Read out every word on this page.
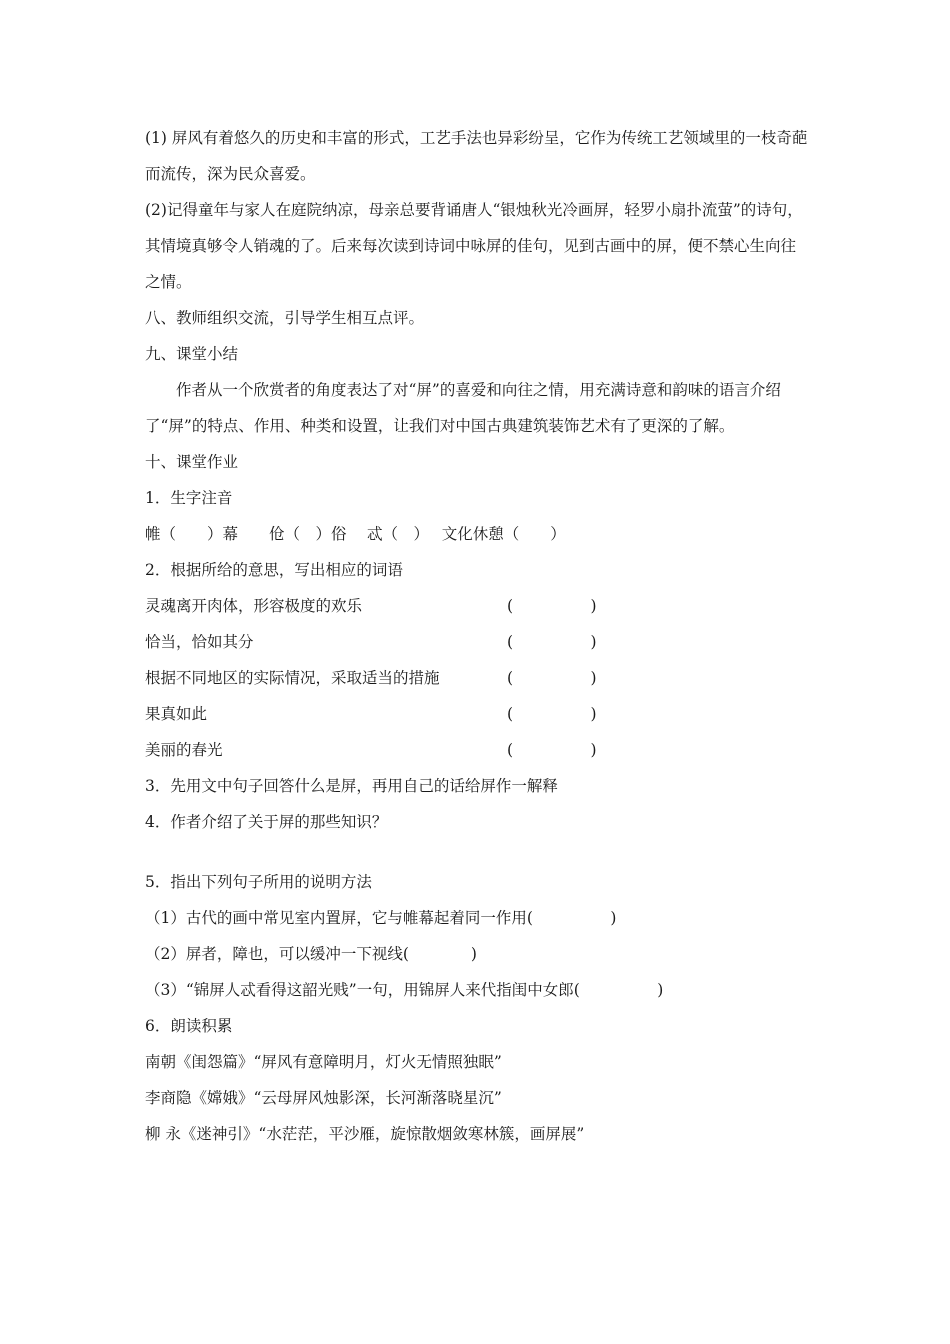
(1) 屏风有着悠久的历史和丰富的形式，工艺手法也异彩纷呈，它作为传统工艺领域里的一枝奇葩而流传，深为民众喜爱。

(2)记得童年与家人在庭院纳凉，母亲总要背诵唐人“银烛秋光冷画屏，轻罗小扇扑流萤”的诗句，其情境真够令人销魂的了。后来每次读到诗词中咏屏的佳句，见到古画中的屏，便不禁心生向往之情。

八、教师组织交流，引导学生相互点评。

九、课堂小结

作者从一个欣赏者的角度表达了对“屏”的喜爱和向往之情，用充满诗意和韵味的语言介绍了“屏”的特点、作用、种类和设置，让我们对中国古典建筑装饰艺术有了更深的了解。

十、课堂作业

1．生字注音

帷（　　）幕　　 伧（　）俗　 忒（　）　 文化休憩（　　）

2．根据所给的意思，写出相应的词语

灵魂离开肉体，形容极度的欢乐	(　　　　　)
恰当，恰如其分	(　　　　　)
根据不同地区的实际情况，采取适当的措施	(　　　　　)
果真如此	(　　　　　)
美丽的春光	(　　　　　)

3．先用文中句子回答什么是屏，再用自己的话给屏作一解释

4．作者介绍了关于屏的那些知识？

5．指出下列句子所用的说明方法

（1）古代的画中常见室内置屏，它与帷幕起着同一作用(　　　　　)

（2）屏者，障也，可以缓冲一下视线(　　　　)

（3）“锦屏人忒看得这韶光贱”一句，用锦屏人来代指闺中女郎(　　　　　)

6．朗读积累

南朝《闺怨篇》“屏风有意障明月，灯火无情照独眠”

李商隐《嫦娥》“云母屏风烛影深，长河渐落晓星沉”

柳 永《迷神引》“水茫茫，平沙雁，旋惊散烟敛寒林簇，画屏展”
